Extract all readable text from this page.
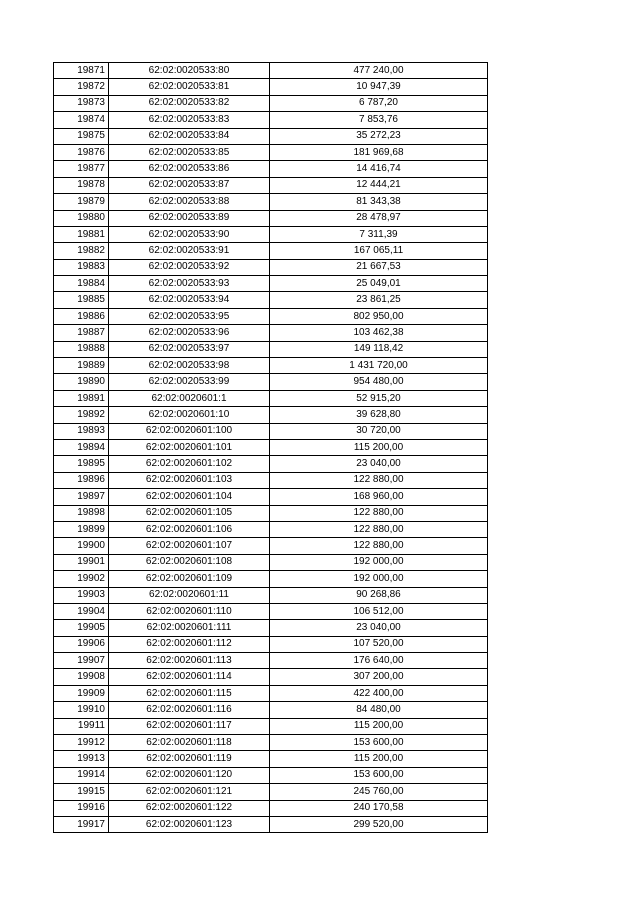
19871	62:02:0020533:80	477 240,00
19872	62:02:0020533:81	10 947,39
19873	62:02:0020533:82	6 787,20
19874	62:02:0020533:83	7 853,76
19875	62:02:0020533:84	35 272,23
19876	62:02:0020533:85	181 969,68
19877	62:02:0020533:86	14 416,74
19878	62:02:0020533:87	12 444,21
19879	62:02:0020533:88	81 343,38
19880	62:02:0020533:89	28 478,97
19881	62:02:0020533:90	7 311,39
19882	62:02:0020533:91	167 065,11
19883	62:02:0020533:92	21 667,53
19884	62:02:0020533:93	25 049,01
19885	62:02:0020533:94	23 861,25
19886	62:02:0020533:95	802 950,00
19887	62:02:0020533:96	103 462,38
19888	62:02:0020533:97	149 118,42
19889	62:02:0020533:98	1 431 720,00
19890	62:02:0020533:99	954 480,00
19891	62:02:0020601:1	52 915,20
19892	62:02:0020601:10	39 628,80
19893	62:02:0020601:100	30 720,00
19894	62:02:0020601:101	115 200,00
19895	62:02:0020601:102	23 040,00
19896	62:02:0020601:103	122 880,00
19897	62:02:0020601:104	168 960,00
19898	62:02:0020601:105	122 880,00
19899	62:02:0020601:106	122 880,00
19900	62:02:0020601:107	122 880,00
19901	62:02:0020601:108	192 000,00
19902	62:02:0020601:109	192 000,00
19903	62:02:0020601:11	90 268,86
19904	62:02:0020601:110	106 512,00
19905	62:02:0020601:111	23 040,00
19906	62:02:0020601:112	107 520,00
19907	62:02:0020601:113	176 640,00
19908	62:02:0020601:114	307 200,00
19909	62:02:0020601:115	422 400,00
19910	62:02:0020601:116	84 480,00
19911	62:02:0020601:117	115 200,00
19912	62:02:0020601:118	153 600,00
19913	62:02:0020601:119	115 200,00
19914	62:02:0020601:120	153 600,00
19915	62:02:0020601:121	245 760,00
19916	62:02:0020601:122	240 170,58
19917	62:02:0020601:123	299 520,00
